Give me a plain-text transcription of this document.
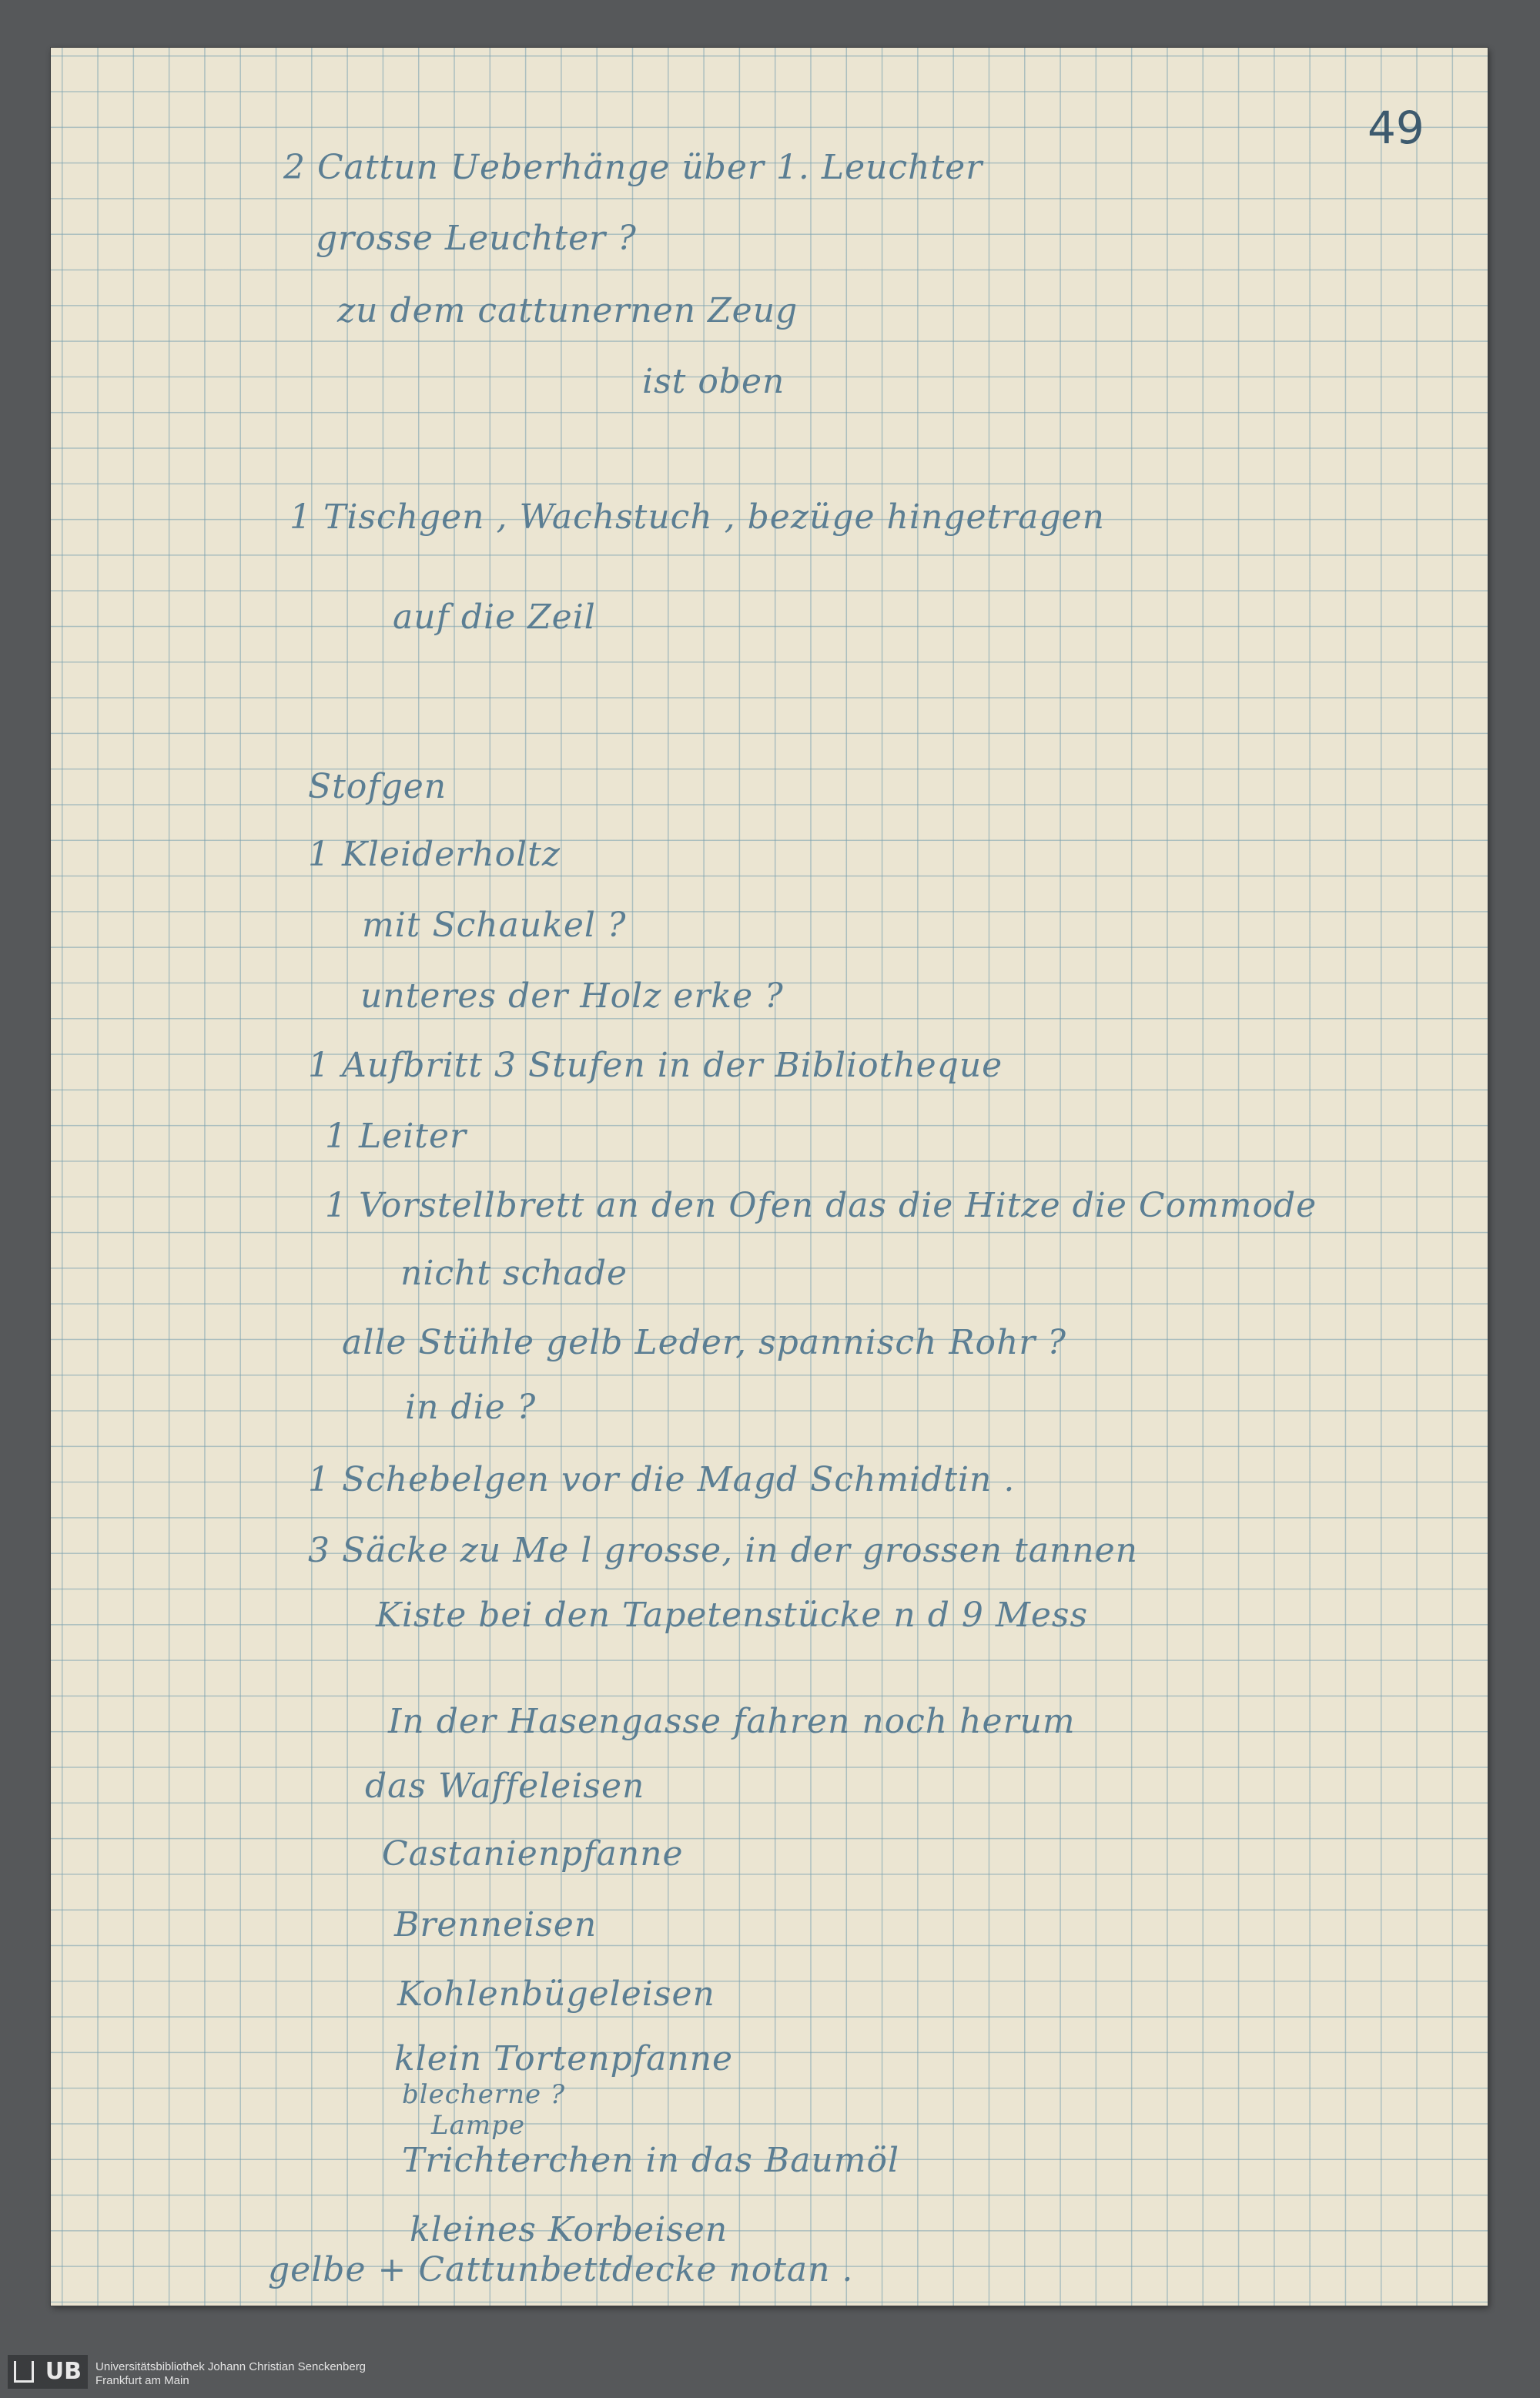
49
2 Cattun Ueberhänge über 1. Leuchter
grosse Leuchter ?
zu dem cattunernen Zeug
ist oben
1 Tischgen , Wachstuch , bezüge hingetragen
auf die Zeil
Stofgen
1 Kleiderholtz
mit Schaukel ?
unteres der Holz erke ?
1 Aufbritt 3 Stufen in der Bibliotheque
1 Leiter
1 Vorstellbrett an den Ofen das die Hitze die Commode
nicht schade
alle Stühle gelb Leder, spannisch Rohr ?
in die ?
1 Schebelgen vor die Magd Schmidtin .
3 Säcke zu Me l grosse, in der grossen tannen
Kiste bei den Tapetenstücke n d 9 Mess
In der Hasengasse fahren noch herum
das Waffeleisen
Castanienpfanne
Brenneisen
Kohlenbügeleisen
klein Tortenpfanne
blecherne ?
Lampe
Trichterchen in das Baumöl
kleines Korbeisen
gelbe + Cattunbettdecke notan .
UB	Universitätsbibliothek Johann Christian Senckenberg
Frankfurt am Main
